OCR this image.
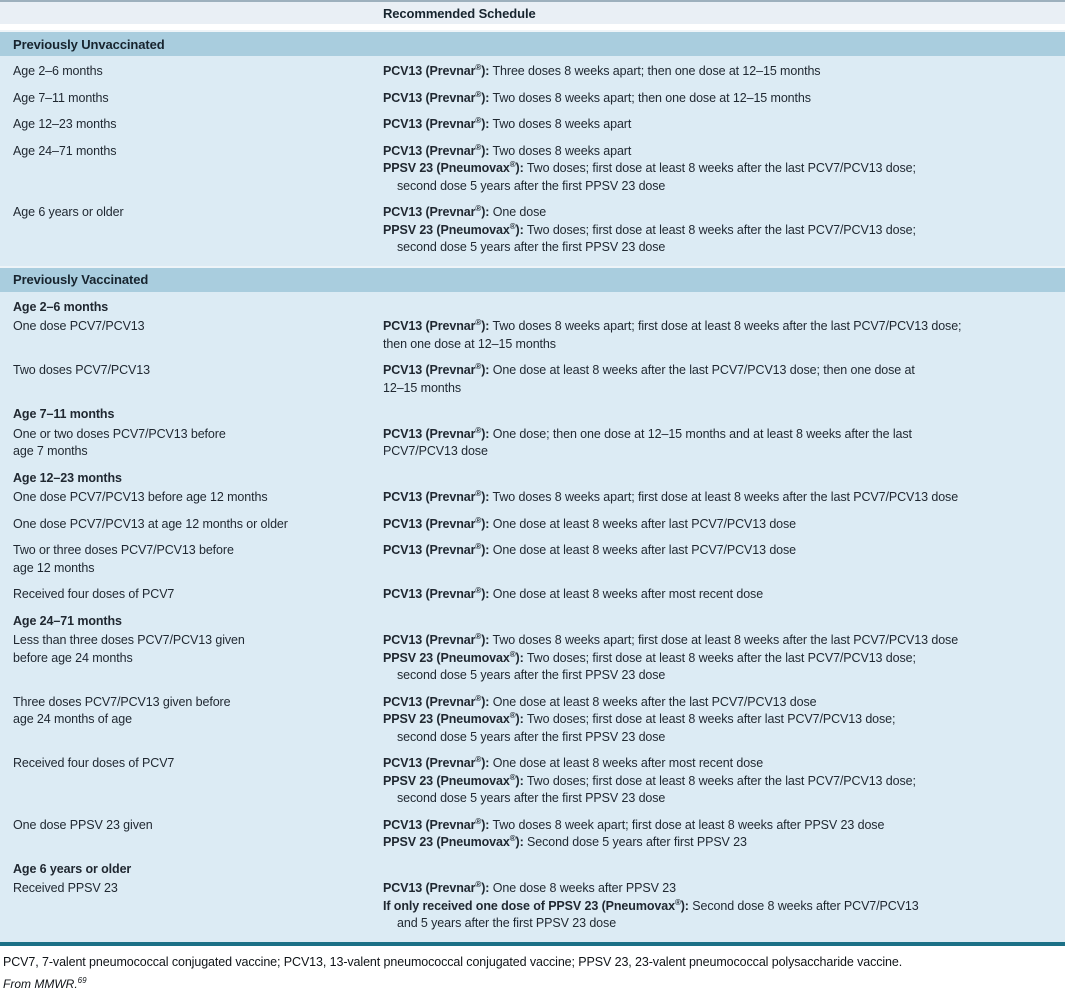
Recommended Schedule
Previously Unvaccinated
Age 2–6 months	PCV13 (Prevnar®): Three doses 8 weeks apart; then one dose at 12–15 months
Age 7–11 months	PCV13 (Prevnar®): Two doses 8 weeks apart; then one dose at 12–15 months
Age 12–23 months	PCV13 (Prevnar®): Two doses 8 weeks apart
Age 24–71 months	PCV13 (Prevnar®): Two doses 8 weeks apart
PPSV 23 (Pneumovax®): Two doses; first dose at least 8 weeks after the last PCV7/PCV13 dose;
second dose 5 years after the first PPSV 23 dose
Age 6 years or older	PCV13 (Prevnar®): One dose
PPSV 23 (Pneumovax®): Two doses; first dose at least 8 weeks after the last PCV7/PCV13 dose;
second dose 5 years after the first PPSV 23 dose
Previously Vaccinated
Age 2–6 months
One dose PCV7/PCV13	PCV13 (Prevnar®): Two doses 8 weeks apart; first dose at least 8 weeks after the last PCV7/PCV13 dose;
then one dose at 12–15 months
Two doses PCV7/PCV13	PCV13 (Prevnar®): One dose at least 8 weeks after the last PCV7/PCV13 dose; then one dose at
12–15 months
Age 7–11 months
One or two doses PCV7/PCV13 before
age 7 months
PCV13 (Prevnar®): One dose; then one dose at 12–15 months and at least 8 weeks after the last
PCV7/PCV13 dose
Age 12–23 months
One dose PCV7/PCV13 before age 12 months	PCV13 (Prevnar®): Two doses 8 weeks apart; first dose at least 8 weeks after the last PCV7/PCV13 dose
One dose PCV7/PCV13 at age 12 months or older	PCV13 (Prevnar®): One dose at least 8 weeks after last PCV7/PCV13 dose
Two or three doses PCV7/PCV13 before
age 12 months
PCV13 (Prevnar®): One dose at least 8 weeks after last PCV7/PCV13 dose
Received four doses of PCV7	PCV13 (Prevnar®): One dose at least 8 weeks after most recent dose
Age 24–71 months
Less than three doses PCV7/PCV13 given
before age 24 months
PCV13 (Prevnar®): Two doses 8 weeks apart; first dose at least 8 weeks after the last PCV7/PCV13 dose
PPSV 23 (Pneumovax®): Two doses; first dose at least 8 weeks after the last PCV7/PCV13 dose;
second dose 5 years after the first PPSV 23 dose
Three doses PCV7/PCV13 given before
age 24 months of age
PCV13 (Prevnar®): One dose at least 8 weeks after the last PCV7/PCV13 dose
PPSV 23 (Pneumovax®): Two doses; first dose at least 8 weeks after last PCV7/PCV13 dose;
second dose 5 years after the first PPSV 23 dose
Received four doses of PCV7	PCV13 (Prevnar®): One dose at least 8 weeks after most recent dose
PPSV 23 (Pneumovax®): Two doses; first dose at least 8 weeks after the last PCV7/PCV13 dose;
second dose 5 years after the first PPSV 23 dose
One dose PPSV 23 given	PCV13 (Prevnar®): Two doses 8 week apart; first dose at least 8 weeks after PPSV 23 dose
PPSV 23 (Pneumovax®): Second dose 5 years after first PPSV 23
Age 6 years or older
Received PPSV 23	PCV13 (Prevnar®): One dose 8 weeks after PPSV 23
If only received one dose of PPSV 23 (Pneumovax®): Second dose 8 weeks after PCV7/PCV13
and 5 years after the first PPSV 23 dose
PCV7, 7-valent pneumococcal conjugated vaccine; PCV13, 13-valent pneumococcal conjugated vaccine; PPSV 23, 23-valent pneumococcal polysaccharide vaccine.
From MMWR.$^{69}$
